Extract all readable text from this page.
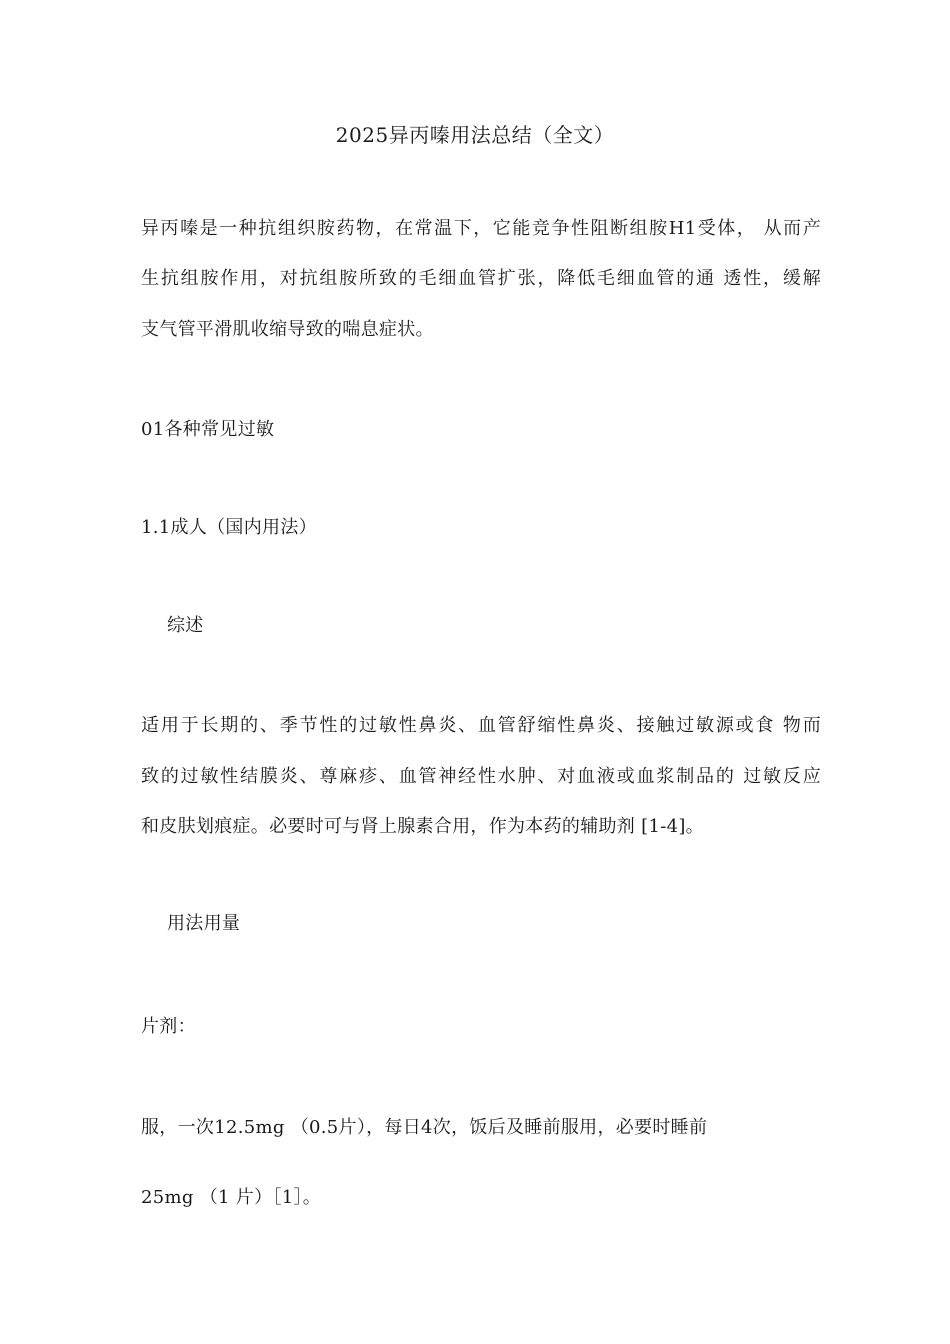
2025异丙嗪用法总结（全文）
异丙嗪是一种抗组织胺药物，在常温下，它能竞争性阻断组胺H1受体， 从而产
生抗组胺作用，对抗组胺所致的毛细血管扩张，降低毛细血管的通 透性，缓解
支气管平滑肌收缩导致的喘息症状。
01各种常见过敏
1.1成人（国内用法）
综述
适用于长期的、季节性的过敏性鼻炎、血管舒缩性鼻炎、接触过敏源或食 物而
致的过敏性结膜炎、尊麻疹、血管神经性水肿、对血液或血浆制品的 过敏反应
和皮肤划痕症。必要时可与肾上腺素合用，作为本药的辅助剂 [1-4]。
用法用量
片剂：
服，一次12.5mg （0.5片），每日4次，饭后及睡前服用，必要时睡前
25mg （1 片）［1］。
